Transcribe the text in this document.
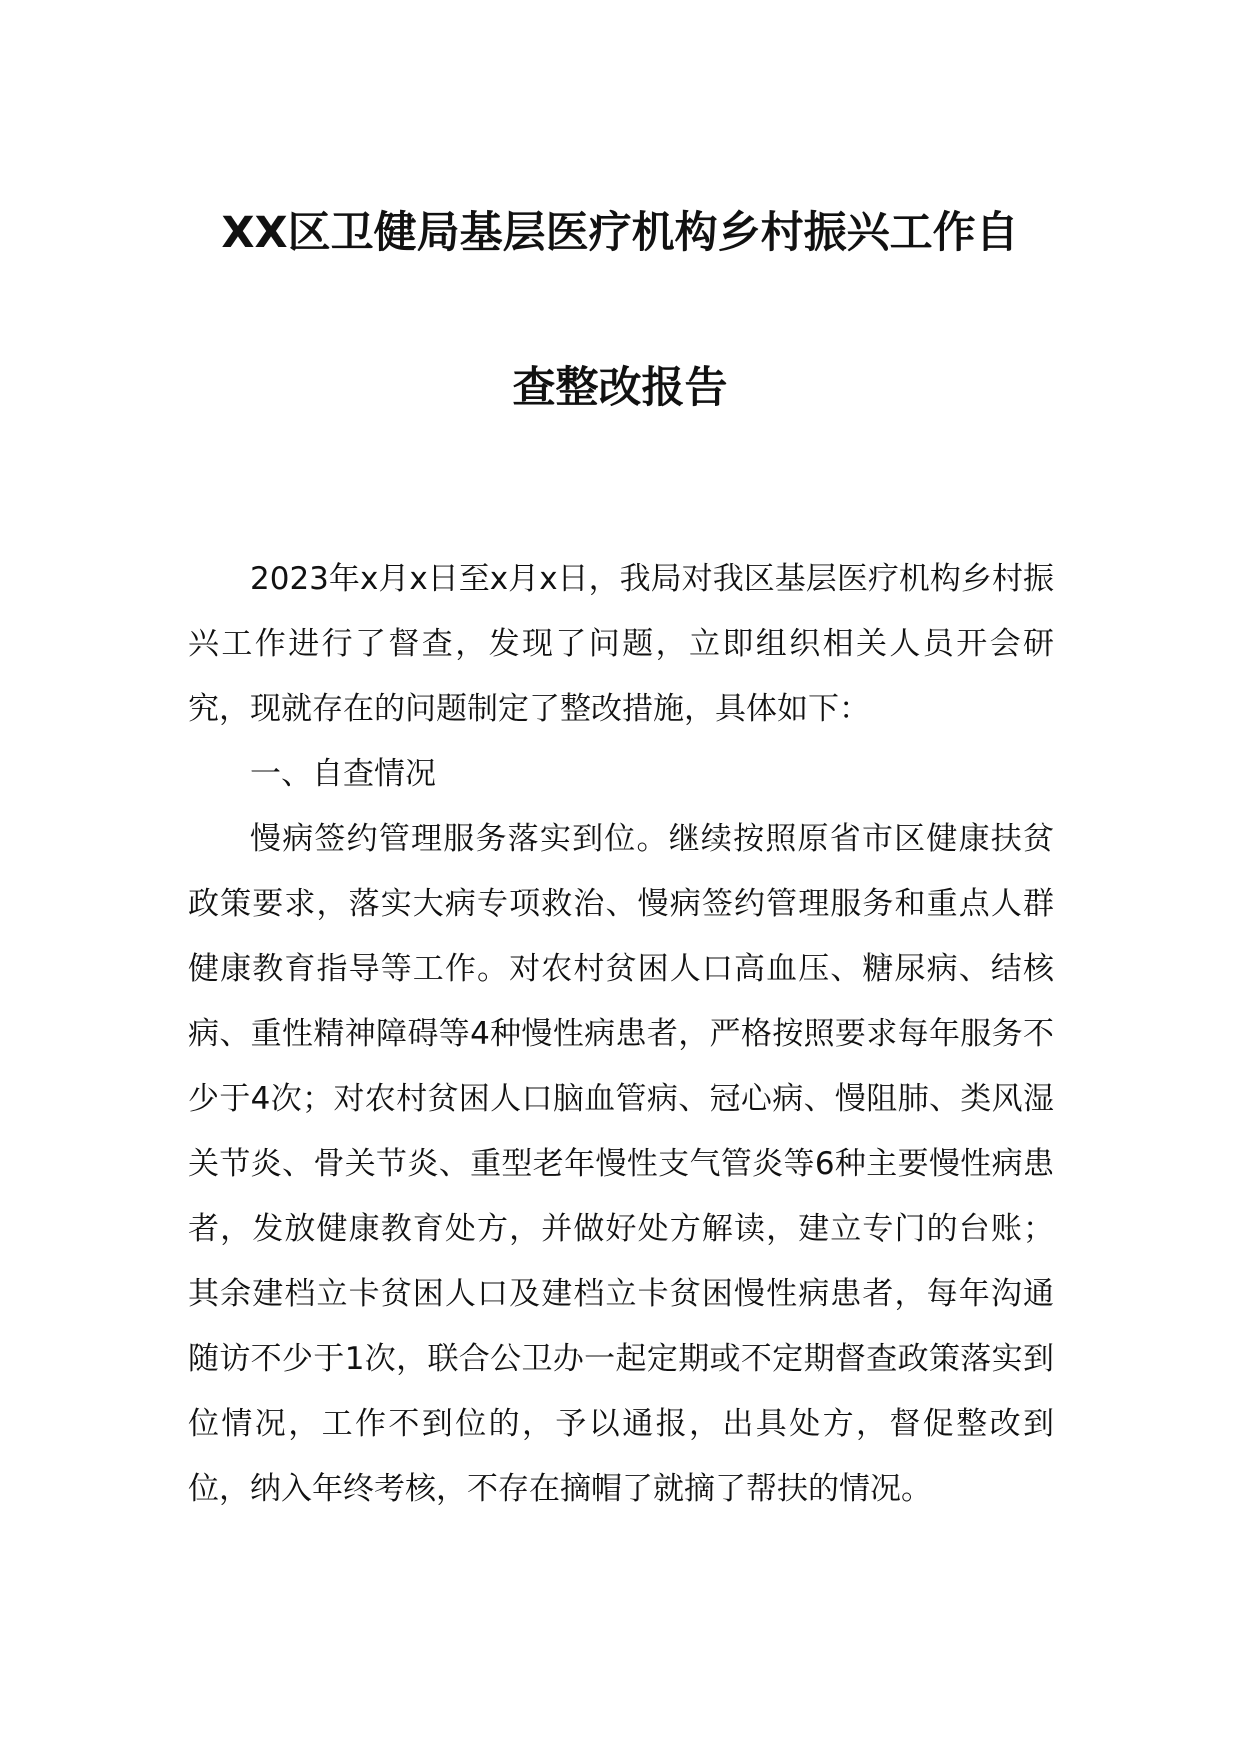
XX区卫健局基层医疗机构乡村振兴工作自
查整改报告

2023年x月x日至x月x日，我局对我区基层医疗机构乡村振兴工作进行了督查，发现了问题，立即组织相关人员开会研究，现就存在的问题制定了整改措施，具体如下：

一、自查情况

慢病签约管理服务落实到位。继续按照原省市区健康扶贫政策要求，落实大病专项救治、慢病签约管理服务和重点人群健康教育指导等工作。对农村贫困人口高血压、糖尿病、结核病、重性精神障碍等4种慢性病患者，严格按照要求每年服务不少于4次；对农村贫困人口脑血管病、冠心病、慢阻肺、类风湿关节炎、骨关节炎、重型老年慢性支气管炎等6种主要慢性病患者，发放健康教育处方，并做好处方解读，建立专门的台账；其余建档立卡贫困人口及建档立卡贫困慢性病患者，每年沟通随访不少于1次，联合公卫办一起定期或不定期督查政策落实到位情况，工作不到位的，予以通报，出具处方，督促整改到位，纳入年终考核，不存在摘帽了就摘了帮扶的情况。
